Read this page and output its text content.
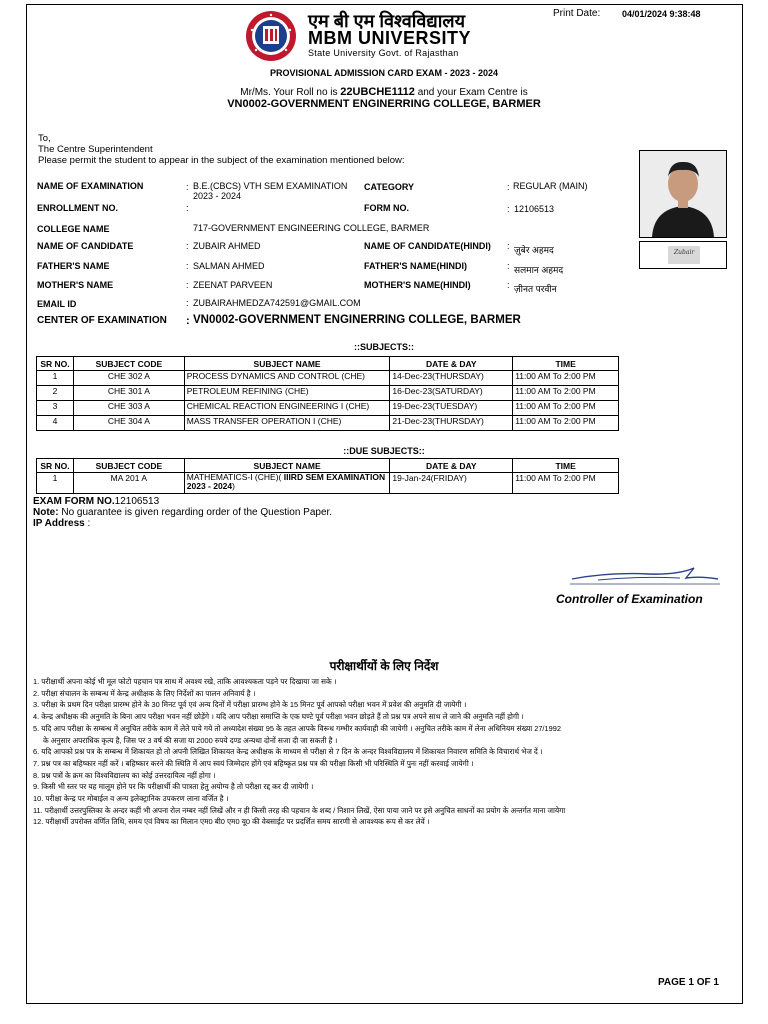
Print Date: 04/01/2024 9:38:48
एम बी एम विश्वविद्यालय
MBM UNIVERSITY
State University Govt. of Rajasthan
PROVISIONAL ADMISSION CARD EXAM - 2023 - 2024
Mr/Ms. Your Roll no is 22UBCHE1112 and your Exam Centre is
VN0002-GOVERNMENT ENGINERRING COLLEGE, BARMER
To,
The Centre Superintendent
Please permit the student to appear in the subject of the examination mentioned below:
Zubair
NAME OF EXAMINATION	: B.E.(CBCS) VTH SEM EXAMINATION
2023 - 2024
CATEGORY	: REGULAR (MAIN)
ENROLLMENT NO.	:	FORM NO.	: 12106513
COLLEGE NAME	717-GOVERNMENT ENGINEERING COLLEGE, BARMER
NAME OF CANDIDATE	: ZUBAIR AHMED	NAME OF CANDIDATE(HINDI) : ज़ुबेर अहमद
FATHER'S NAME	: SALMAN AHMED	FATHER'S NAME(HINDI)	: सलमान अहमद
MOTHER'S NAME	: ZEENAT PARVEEN	MOTHER'S NAME(HINDI)	: ज़ीनत परवीन
EMAIL ID	: ZUBAIRAHMEDZA742591@GMAIL.COM
CENTER OF EXAMINATION : VN0002-GOVERNMENT ENGINERRING COLLEGE, BARMER
::SUBJECTS::
SR NO.	SUBJECT CODE	SUBJECT NAME	DATE & DAY	TIME
1	CHE 302 A	PROCESS DYNAMICS AND CONTROL (CHE)	14-Dec-23(THURSDAY)	11:00 AM To 2:00 PM
2	CHE 301 A	PETROLEUM REFINING (CHE)	16-Dec-23(SATURDAY)	11:00 AM To 2:00 PM
3	CHE 303 A	CHEMICAL REACTION ENGINEERING I (CHE)	19-Dec-23(TUESDAY)	11:00 AM To 2:00 PM
4	CHE 304 A	MASS TRANSFER OPERATION I (CHE)	21-Dec-23(THURSDAY)	11:00 AM To 2:00 PM
::DUE SUBJECTS::
SR NO.	SUBJECT CODE	SUBJECT NAME	DATE & DAY	TIME
1	MA 201 A	MATHEMATICS-I (CHE)( IIIRD SEM EXAMINATION 2023 - 2024)	19-Jan-24(FRIDAY)	11:00 AM To 2:00 PM
EXAM FORM NO.12106513
Note: No guarantee is given regarding order of the Question Paper.
IP Address :
Controller of Examination
परीक्षार्थीयों के लिए निर्देश
1. परीक्षार्थी अपना कोई भी मूल फोटो पहचान पत्र साथ में अवश्य रखे, ताकि आवश्यकता पड़ने पर दिखाया जा सके ।
2. परीक्षा संचालन के सम्बन्ध में केन्द्र अधीक्षक के लिए निर्देशों का पालन अनिवार्य है ।
3. परीक्षा के प्रथम दिन परीक्षा प्रारम्भ होने के 30 मिनट पूर्व एवं अन्य दिनों में परीक्षा प्रारम्भ होने के 15 मिनट पूर्व आपको परीक्षा भवन में प्रवेश की अनुमति दी जायेगी ।
4. केन्द्र अधीक्षक की अनुमति के बिना आप परीक्षा भवन नहीं छोड़ेंगे । यदि आप परीक्षा समाप्ति के एक घण्टे पूर्व परीक्षा भवन छोड़ते हैं तो प्रश्न पत्र अपने साथ ले जाने की अनुमति नहीं होगी ।
5. यदि आप परीक्षा के सम्बन्ध में अनुचित तरीके काम में लेते पाये गये तो अध्यादेश संख्या 95 के तहत आपके विरूध गम्भीर कार्यवाही की जायेगी । अनुचित तरीके काम में लेना अधिनियम संख्या 27/1992
के अनुसार अपराधिक कृत्य है, जिस पर 3 वर्ष की सजा या 2000 रुपये दण्ड अन्यथा दोनों सजा दी जा सकती है ।
6. यदि आपको प्रश्न पत्र के सम्बन्ध में शिकायत हो तो अपनी लिखित शिकायत केन्द्र अधीक्षक के माध्यम से परीक्षा से 7 दिन के अन्दर विश्वविद्यालय में शिकायत निवारण समिति के विचारार्थ भेज दें ।
7. प्रश्न पत्र का बहिष्कार नहीं करें । बहिष्कार करने की स्थिति में आप स्वयं जिम्मेदार होंगे एवं बहिष्कृत प्रश्न पत्र की परीक्षा किसी भी परिस्थिति में पुनः नहीं करवाई जायेगी ।
8. प्रश्न पत्रों के क्रम का विश्वविद्यालय का कोई उत्तरदायित्व नहीं होगा ।
9. किसी भी स्तर पर यह मालूम होने पर कि परीक्षार्थी की पात्रता हेतु अयोग्य है तो परीक्षा रद्द कर दी जायेगी ।
10. परीक्षा केन्द्र पर मोबाईल व अन्य इलेक्ट्रानिक उपकरण लाना वर्जित है ।
11. परीक्षार्थी उत्तरपुस्तिका के अन्दर कहीं भी अपना रोल नम्बर नहीं लिखें और न ही किसी तरह की पहचान के शब्द / निशान लिखें, ऐसा पाया जाने पर इसे अनुचित साधनों का प्रयोग के अन्तर्गत माना जायेगा
12. परीक्षार्थी उपरोक्त वर्णित तिथि, समय एवं विषय का मिलान एम0 बी0 एम0 यू0 की वेबसाईट पर प्रदर्शित समय सारणी से आवश्यक रूप से कर लेवें ।
PAGE 1 OF 1
